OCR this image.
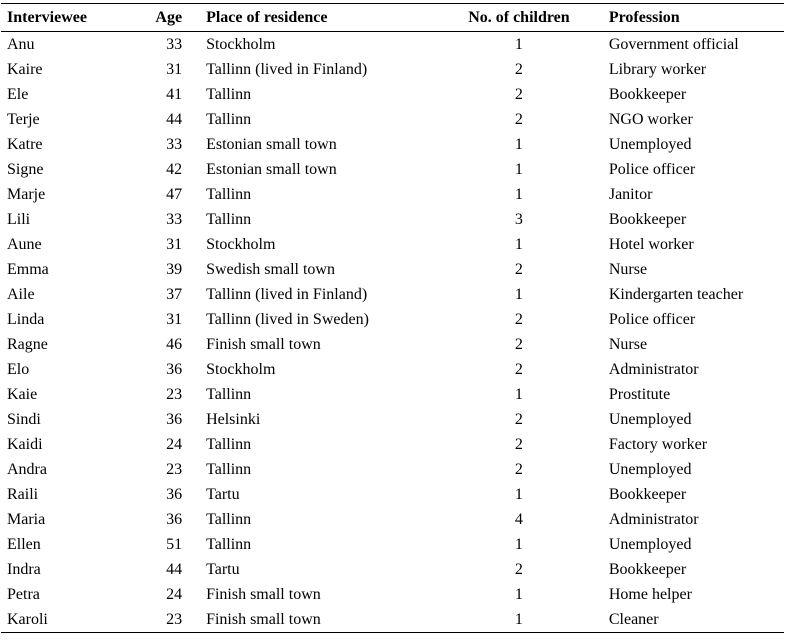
Interviewee	Age	Place of residence	No. of children	Profession
Anu	33	Stockholm	1	Government official
Kaire	31	Tallinn (lived in Finland)	2	Library worker
Ele	41	Tallinn	2	Bookkeeper
Terje	44	Tallinn	2	NGO worker
Katre	33	Estonian small town	1	Unemployed
Signe	42	Estonian small town	1	Police officer
Marje	47	Tallinn	1	Janitor
Lili	33	Tallinn	3	Bookkeeper
Aune	31	Stockholm	1	Hotel worker
Emma	39	Swedish small town	2	Nurse
Aile	37	Tallinn (lived in Finland)	1	Kindergarten teacher
Linda	31	Tallinn (lived in Sweden)	2	Police officer
Ragne	46	Finish small town	2	Nurse
Elo	36	Stockholm	2	Administrator
Kaie	23	Tallinn	1	Prostitute
Sindi	36	Helsinki	2	Unemployed
Kaidi	24	Tallinn	2	Factory worker
Andra	23	Tallinn	2	Unemployed
Raili	36	Tartu	1	Bookkeeper
Maria	36	Tallinn	4	Administrator
Ellen	51	Tallinn	1	Unemployed
Indra	44	Tartu	2	Bookkeeper
Petra	24	Finish small town	1	Home helper
Karoli	23	Finish small town	1	Cleaner
